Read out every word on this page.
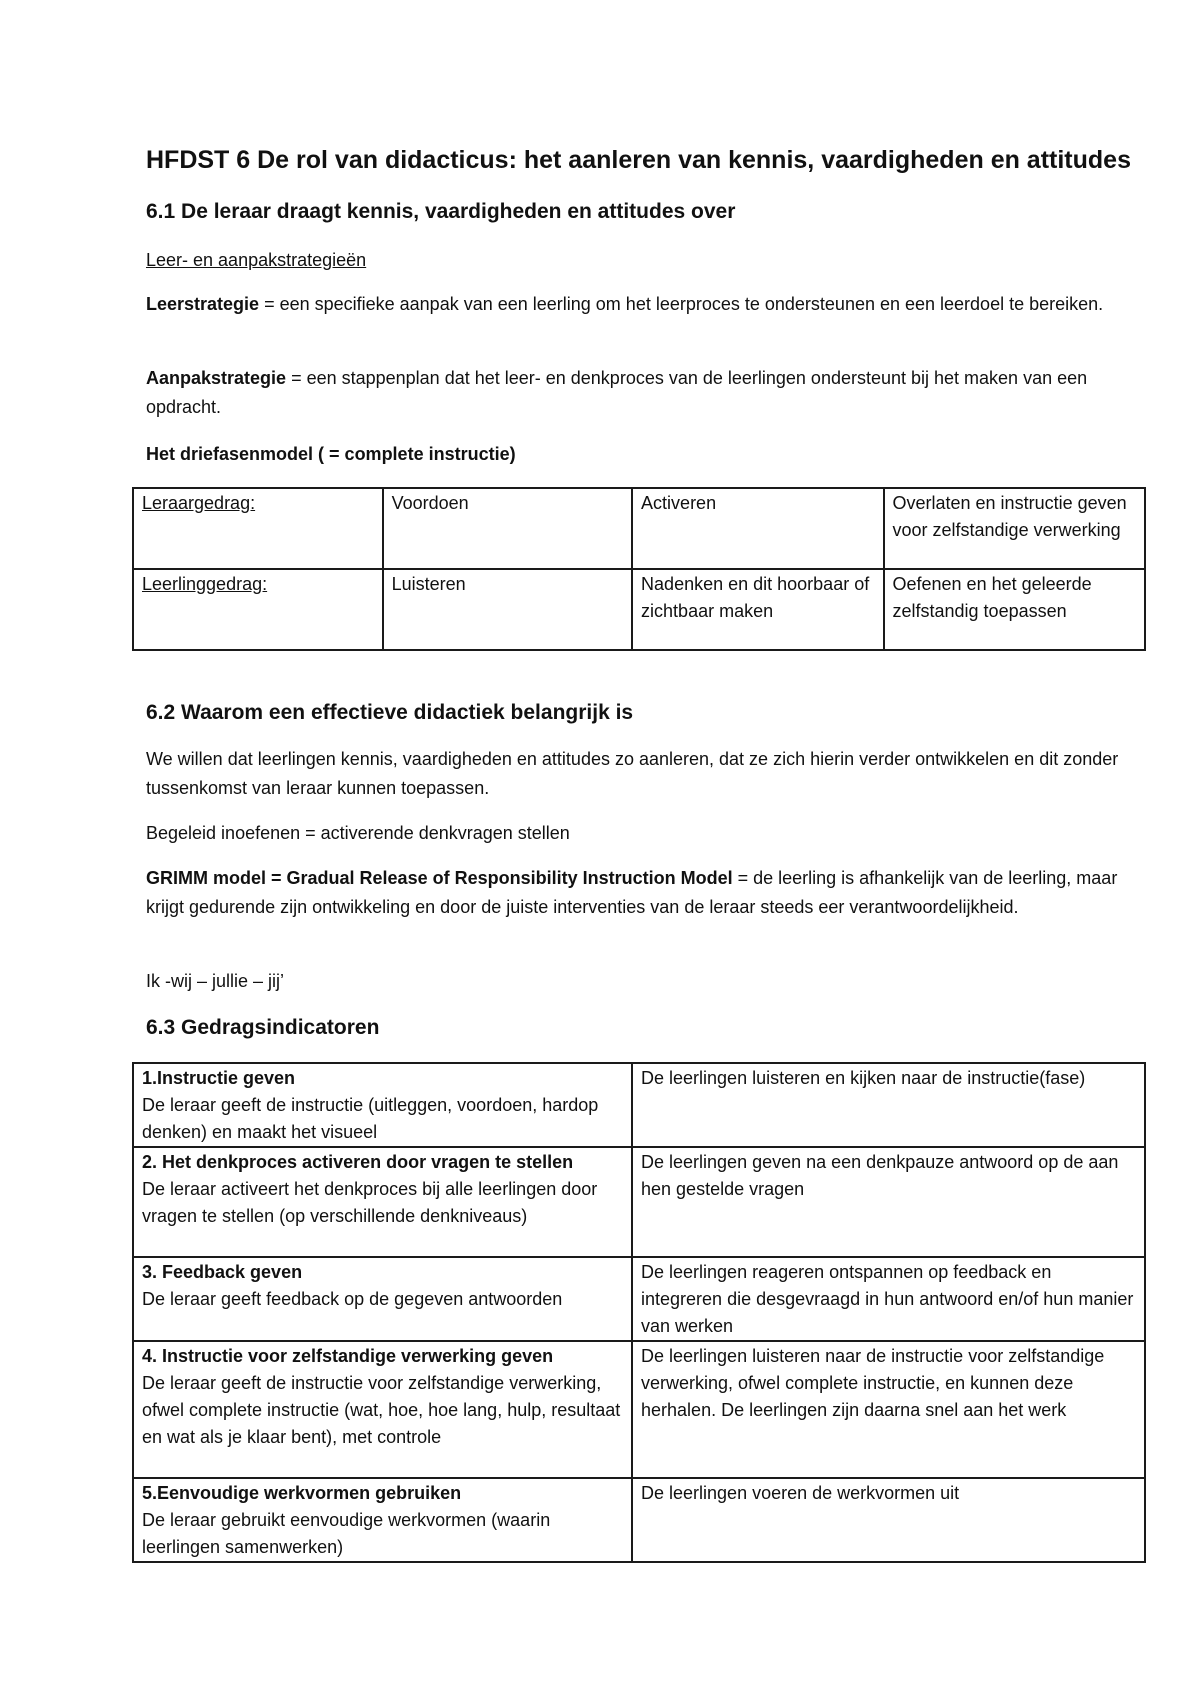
HFDST 6 De rol van didacticus: het aanleren van kennis, vaardigheden en attitudes
6.1 De leraar draagt kennis, vaardigheden en attitudes over

Leer- en aanpakstrategieën

Leerstrategie = een specifieke aanpak van een leerling om het leerproces te ondersteunen en een leerdoel te bereiken.

Aanpakstrategie = een stappenplan dat het leer- en denkproces van de leerlingen ondersteunt bij het maken van een opdracht.

Het driefasenmodel ( = complete instructie)

Leraargedrag:	Voordoen	Activeren	Overlaten en instructie geven voor zelfstandige verwerking
Leerlinggedrag:	Luisteren	Nadenken en dit hoorbaar of zichtbaar maken	Oefenen en het geleerde zelfstandig toepassen
6.2 Waarom een effectieve didactiek belangrijk is

We willen dat leerlingen kennis, vaardigheden en attitudes zo aanleren, dat ze zich hierin verder ontwikkelen en dit zonder tussenkomst van leraar kunnen toepassen.

Begeleid inoefenen = activerende denkvragen stellen

GRIMM model = Gradual Release of Responsibility Instruction Model = de leerling is afhankelijk van de leerling, maar krijgt gedurende zijn ontwikkeling en door de juiste interventies van de leraar steeds eer verantwoordelijkheid.

Ik -wij – jullie – jij’

6.3 Gedragsindicatoren
1.Instructie geven
De leraar geeft de instructie (uitleggen, voordoen, hardop denken) en maakt het visueel	De leerlingen luisteren en kijken naar de instructie(fase)

2. Het denkproces activeren door vragen te stellen
De leraar activeert het denkproces bij alle leerlingen door vragen te stellen (op verschillende denkniveaus)	De leerlingen geven na een denkpauze antwoord op de aan hen gestelde vragen

3. Feedback geven
De leraar geeft feedback op de gegeven antwoorden	De leerlingen reageren ontspannen op feedback en integreren die desgevraagd in hun antwoord en/of hun manier van werken

4. Instructie voor zelfstandige verwerking geven
De leraar geeft de instructie voor zelfstandige verwerking, ofwel complete instructie (wat, hoe, hoe lang, hulp, resultaat en wat als je klaar bent), met controle	De leerlingen luisteren naar de instructie voor zelfstandige verwerking, ofwel complete instructie, en kunnen deze herhalen. De leerlingen zijn daarna snel aan het werk

5.Eenvoudige werkvormen gebruiken
De leraar gebruikt eenvoudige werkvormen (waarin leerlingen samenwerken)	De leerlingen voeren de werkvormen uit
